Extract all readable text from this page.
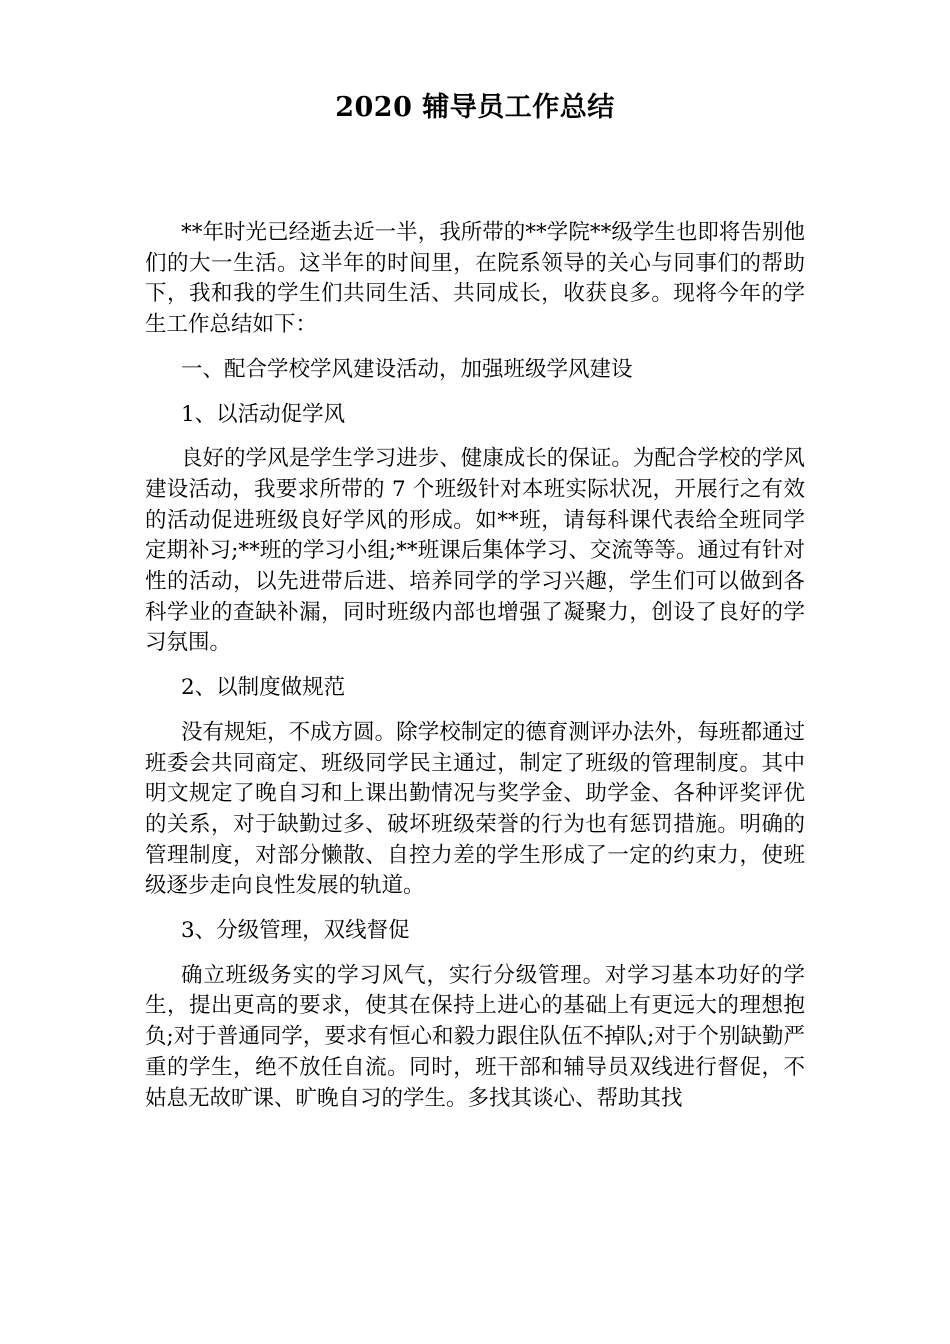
2020 辅导员工作总结

**年时光已经逝去近一半，我所带的**学院**级学生也即将告别他们的大一生活。这半年的时间里，在院系领导的关心与同事们的帮助下，我和我的学生们共同生活、共同成长，收获良多。现将今年的学生工作总结如下：

一、配合学校学风建设活动，加强班级学风建设

1、以活动促学风

良好的学风是学生学习进步、健康成长的保证。为配合学校的学风建设活动，我要求所带的 7 个班级针对本班实际状况，开展行之有效的活动促进班级良好学风的形成。如**班，请每科课代表给全班同学定期补习;**班的学习小组;**班课后集体学习、交流等等。通过有针对性的活动，以先进带后进、培养同学的学习兴趣，学生们可以做到各科学业的查缺补漏，同时班级内部也增强了凝聚力，创设了良好的学习氛围。

2、以制度做规范

没有规矩，不成方圆。除学校制定的德育测评办法外，每班都通过班委会共同商定、班级同学民主通过，制定了班级的管理制度。其中明文规定了晚自习和上课出勤情况与奖学金、助学金、各种评奖评优的关系，对于缺勤过多、破坏班级荣誉的行为也有惩罚措施。明确的管理制度，对部分懒散、自控力差的学生形成了一定的约束力，使班级逐步走向良性发展的轨道。

3、分级管理，双线督促

确立班级务实的学习风气，实行分级管理。对学习基本功好的学生，提出更高的要求，使其在保持上进心的基础上有更远大的理想抱负;对于普通同学，要求有恒心和毅力跟住队伍不掉队;对于个别缺勤严重的学生，绝不放任自流。同时，班干部和辅导员双线进行督促，不姑息无故旷课、旷晚自习的学生。多找其谈心、帮助其找
